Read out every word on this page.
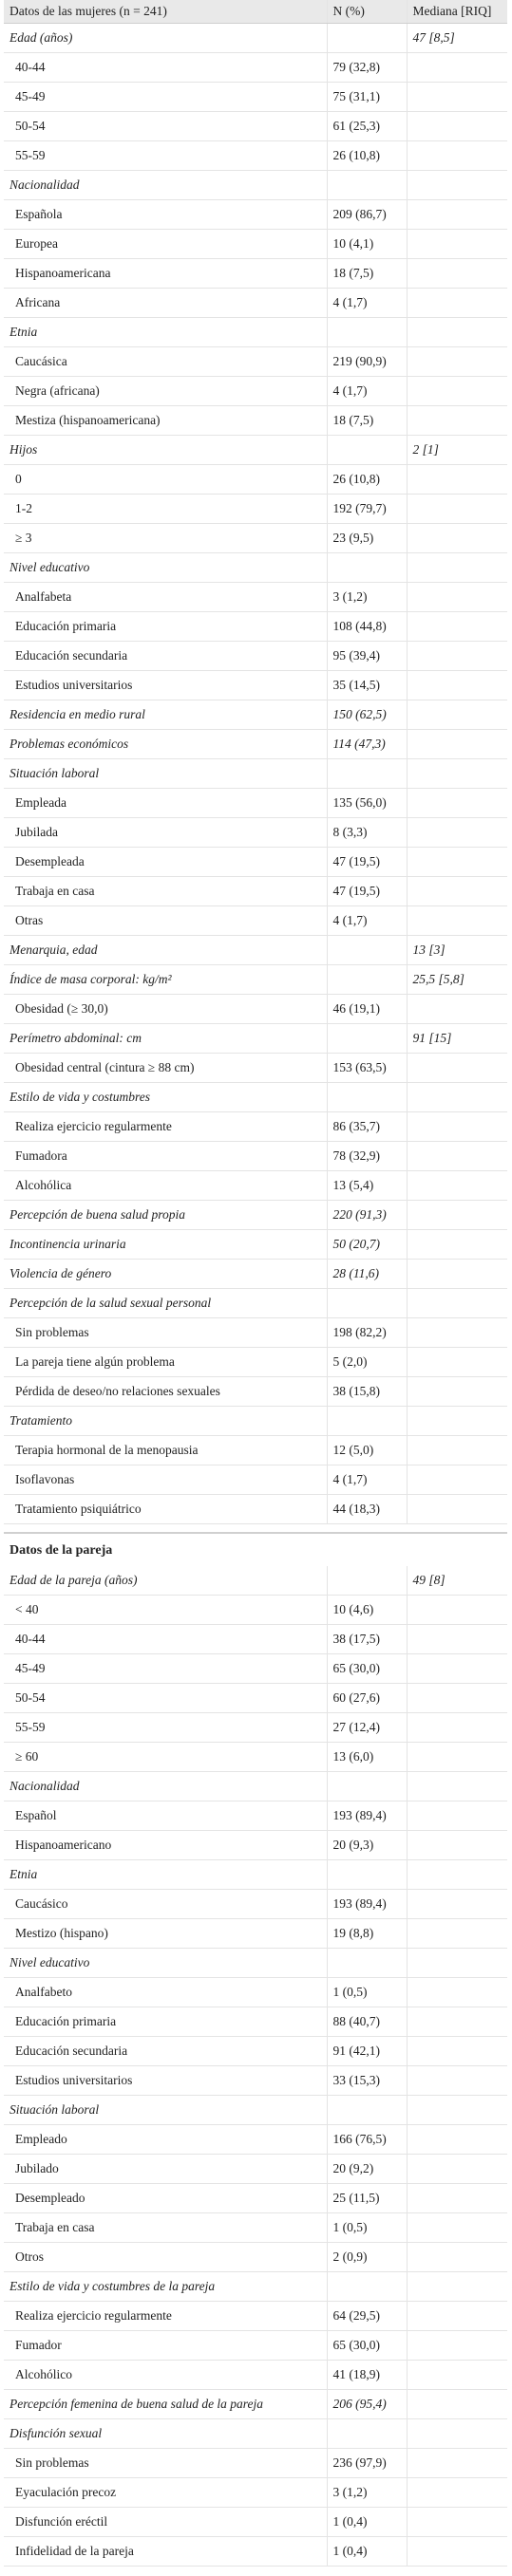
Datos de las mujeres (n = 241)	N (%)	Mediana [RIQ]
Edad (años)		47 [8,5]
40-44	79 (32,8)	
45-49	75 (31,1)	
50-54	61 (25,3)	
55-59	26 (10,8)	
Nacionalidad		
Española	209 (86,7)	
Europea	10 (4,1)	
Hispanoamericana	18 (7,5)	
Africana	4 (1,7)	
Etnia		
Caucásica	219 (90,9)	
Negra (africana)	4 (1,7)	
Mestiza (hispanoamericana)	18 (7,5)	
Hijos		2 [1]
0	26 (10,8)	
1-2	192 (79,7)	
≥ 3	23 (9,5)	
Nivel educativo		
Analfabeta	3 (1,2)	
Educación primaria	108 (44,8)	
Educación secundaria	95 (39,4)	
Estudios universitarios	35 (14,5)	
Residencia en medio rural	150 (62,5)	
Problemas económicos	114 (47,3)	
Situación laboral		
Empleada	135 (56,0)	
Jubilada	8 (3,3)	
Desempleada	47 (19,5)	
Trabaja en casa	47 (19,5)	
Otras	4 (1,7)	
Menarquia, edad		13 [3]
Índice de masa corporal: kg/m²		25,5 [5,8]
Obesidad (≥ 30,0)	46 (19,1)	
Perímetro abdominal: cm		91 [15]
Obesidad central (cintura ≥ 88 cm)	153 (63,5)	
Estilo de vida y costumbres		
Realiza ejercicio regularmente	86 (35,7)	
Fumadora	78 (32,9)	
Alcohólica	13 (5,4)	
Percepción de buena salud propia	220 (91,3)	
Incontinencia urinaria	50 (20,7)	
Violencia de género	28 (11,6)	
Percepción de la salud sexual personal		
Sin problemas	198 (82,2)	
La pareja tiene algún problema	5 (2,0)	
Pérdida de deseo/no relaciones sexuales	38 (15,8)	
Tratamiento		
Terapia hormonal de la menopausia	12 (5,0)	
Isoflavonas	4 (1,7)	
Tratamiento psiquiátrico	44 (18,3)	
Datos de la pareja
Edad de la pareja (años)		49 [8]
< 40	10 (4,6)	
40-44	38 (17,5)	
45-49	65 (30,0)	
50-54	60 (27,6)	
55-59	27 (12,4)	
≥ 60	13 (6,0)	
Nacionalidad		
Español	193 (89,4)	
Hispanoamericano	20 (9,3)	
Etnia		
Caucásico	193 (89,4)	
Mestizo (hispano)	19 (8,8)	
Nivel educativo		
Analfabeto	1 (0,5)	
Educación primaria	88 (40,7)	
Educación secundaria	91 (42,1)	
Estudios universitarios	33 (15,3)	
Situación laboral		
Empleado	166 (76,5)	
Jubilado	20 (9,2)	
Desempleado	25 (11,5)	
Trabaja en casa	1 (0,5)	
Otros	2 (0,9)	
Estilo de vida y costumbres de la pareja		
Realiza ejercicio regularmente	64 (29,5)	
Fumador	65 (30,0)	
Alcohólico	41 (18,9)	
Percepción femenina de buena salud de la pareja	206 (95,4)	
Disfunción sexual		
Sin problemas	236 (97,9)	
Eyaculación precoz	3 (1,2)	
Disfunción eréctil	1 (0,4)	
Infidelidad de la pareja	1 (0,4)	
